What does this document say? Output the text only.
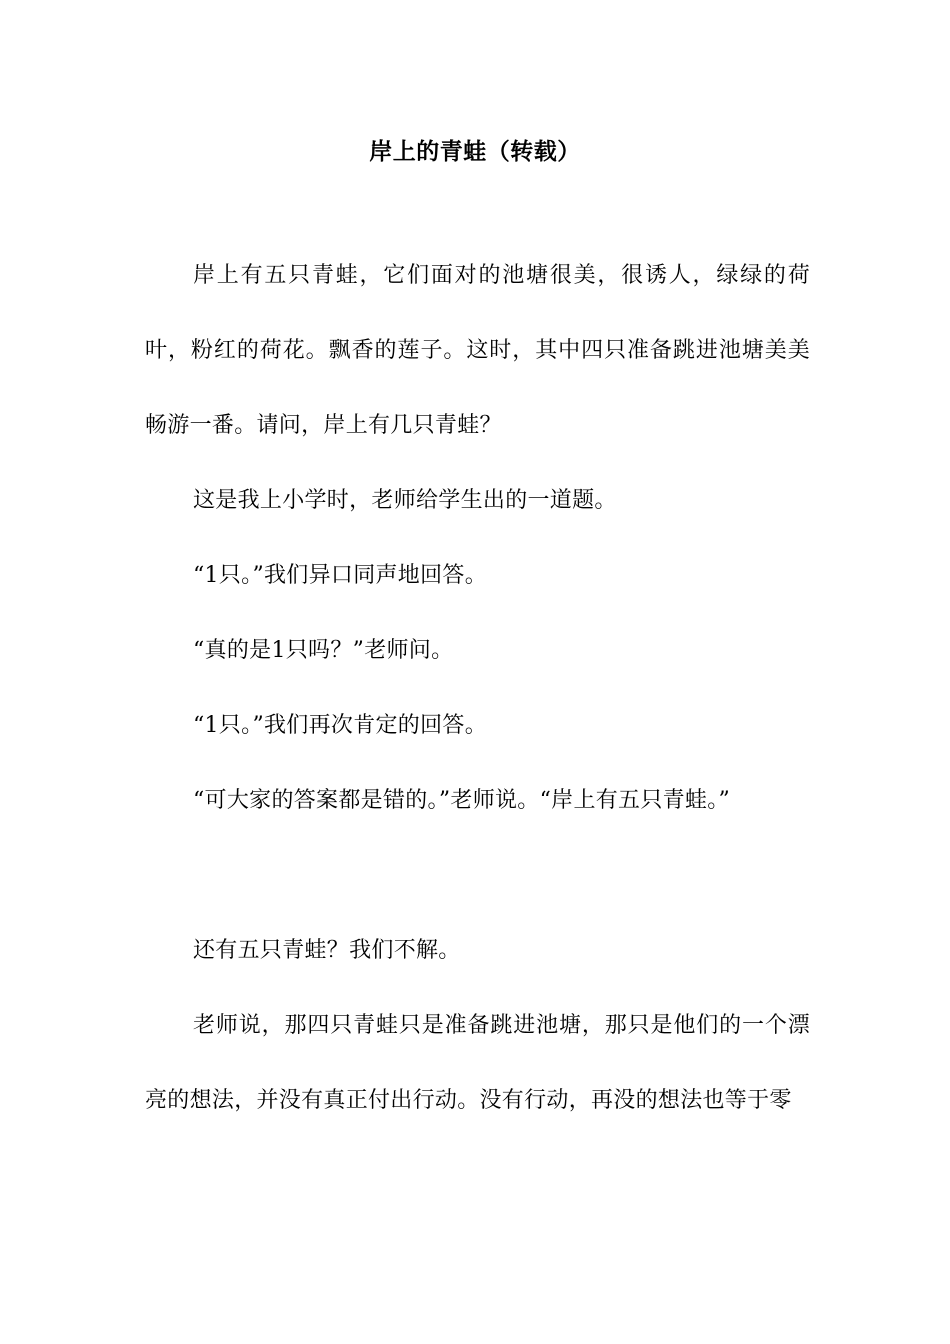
岸上的青蛙（转载）

岸上有五只青蛙，它们面对的池塘很美，很诱人，绿绿的荷叶，粉红的荷花。飘香的莲子。这时，其中四只准备跳进池塘美美畅游一番。请问，岸上有几只青蛙？

这是我上小学时，老师给学生出的一道题。

“1只。”我们异口同声地回答。

“真的是1只吗？”老师问。

“1只。”我们再次肯定的回答。

“可大家的答案都是错的。”老师说。“岸上有五只青蛙。”

还有五只青蛙？我们不解。

老师说，那四只青蛙只是准备跳进池塘，那只是他们的一个漂亮的想法，并没有真正付出行动。没有行动，再没的想法也等于零
